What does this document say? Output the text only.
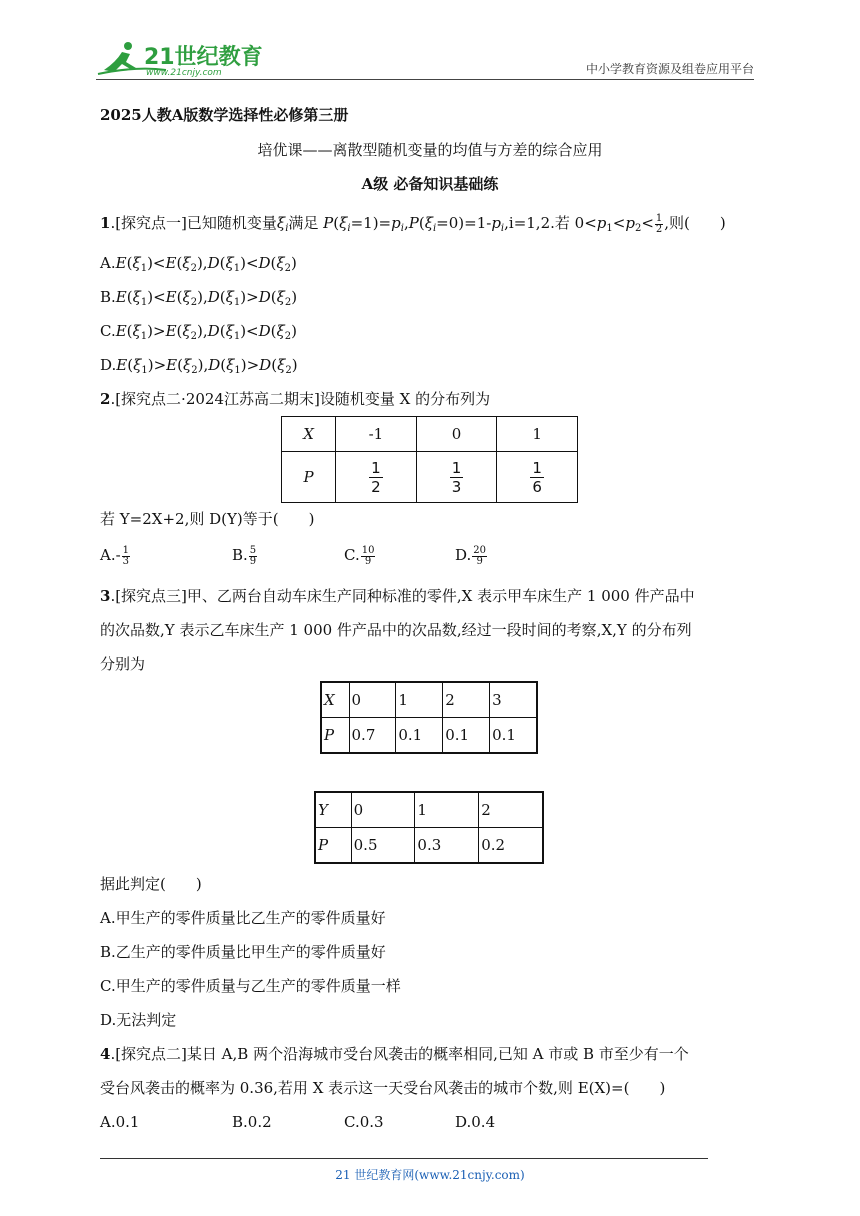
21世纪教育
www.21cnjy.com	中小学教育资源及组卷应用平台
2025人教A版数学选择性必修第三册
培优课——离散型随机变量的均值与方差的综合应用
A级 必备知识基础练
1.[探究点一]已知随机变量$\xi_i$满足 $P(\xi_i=1)=p_i,P(\xi_i=0)=1-p_i,i=1,2$.若 $0<p_1<p_2< \frac{1}{2}$ ,则(　　)
$A.E(\xi_1)<E(\xi_2),D(\xi_1)<D(\xi_2)$
$B.E(\xi_1)<E(\xi_2),D(\xi_1)>D(\xi_2)$
$C.E(\xi_1)>E(\xi_2),D(\xi_1)<D(\xi_2)$
$D.E(\xi_1)>E(\xi_2),D(\xi_1)>D(\xi_2)$
2.[探究点二·2024江苏高二期末]设随机变量 X 的分布列为
X	-1	0	1
P	$\frac{1}{2}$	$\frac{1}{3}$	$\frac{1}{6}$
若 Y=2X+2,则 D(Y)等于(　　)
$A.- \frac{1}{3}$	B. $\frac{5}{9}$	C. $\frac{10}{9}$	D. $\frac{20}{9}$
3.[探究点三]甲、乙两台自动车床生产同种标准的零件,X 表示甲车床生产 1 000 件产品中
的次品数,Y 表示乙车床生产 1 000 件产品中的次品数,经过一段时间的考察,X,Y 的分布列
分别为
X	0	1	2	3
P	0.7	0.1	0.1	0.1
Y	0	1	2
P	0.5	0.3	0.2
据此判定(　　)
A.甲生产的零件质量比乙生产的零件质量好
B.乙生产的零件质量比甲生产的零件质量好
C.甲生产的零件质量与乙生产的零件质量一样
D.无法判定
4.[探究点二]某日 A,B 两个沿海城市受台风袭击的概率相同,已知 A 市或 B 市至少有一个
受台风袭击的概率为 0.36,若用 X 表示这一天受台风袭击的城市个数,则 E(X)=(　　)
A.0.1	B.0.2	C.0.3	D.0.4
21 世纪教育网(www.21cnjy.com)
